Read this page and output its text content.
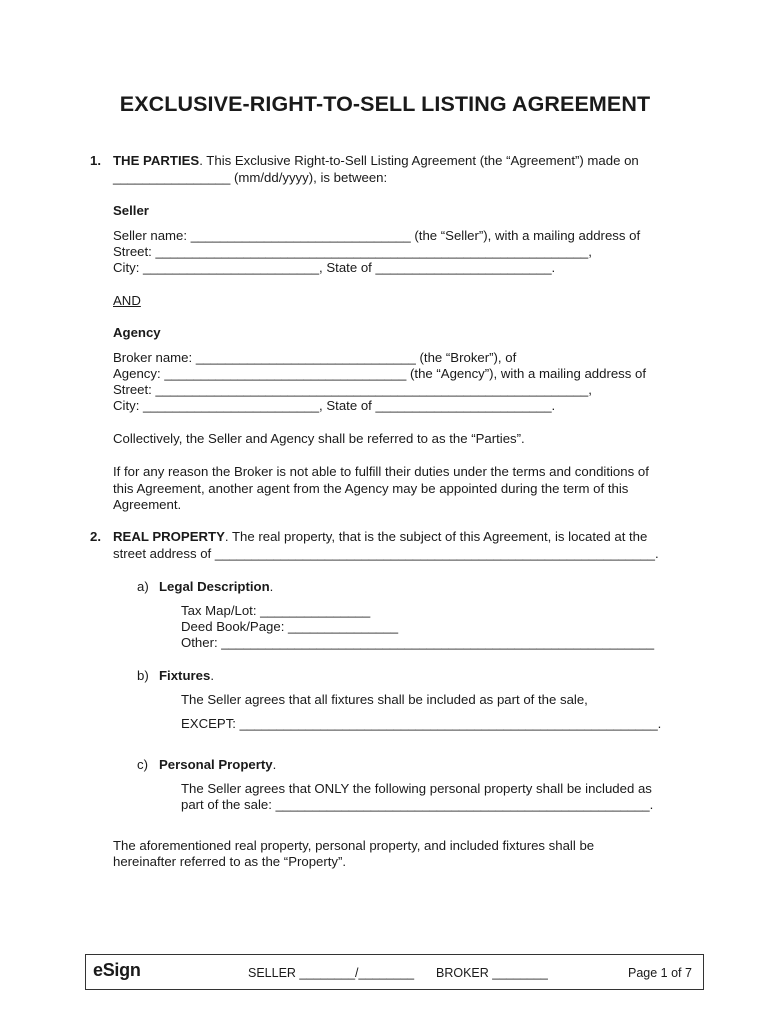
EXCLUSIVE-RIGHT-TO-SELL LISTING AGREEMENT
1. THE PARTIES. This Exclusive Right-to-Sell Listing Agreement (the “Agreement”) made on
________________ (mm/dd/yyyy), is between:
Seller
Seller name: ______________________________ (the “Seller”), with a mailing address of
Street: ___________________________________________________________,
City: ________________________, State of ________________________.
AND
Agency
Broker name: ______________________________ (the “Broker”), of
Agency: _________________________________ (the “Agency”), with a mailing address of
Street: ___________________________________________________________,
City: ________________________, State of ________________________.
Collectively, the Seller and Agency shall be referred to as the “Parties”.
If for any reason the Broker is not able to fulfill their duties under the terms and conditions of
this Agreement, another agent from the Agency may be appointed during the term of this
Agreement.
2. REAL PROPERTY. The real property, that is the subject of this Agreement, is located at the
street address of ____________________________________________________________.
a) Legal Description.
Tax Map/Lot: _______________
Deed Book/Page: _______________
Other: ___________________________________________________________
b) Fixtures.
The Seller agrees that all fixtures shall be included as part of the sale,
EXCEPT: _________________________________________________________.
c) Personal Property.
The Seller agrees that ONLY the following personal property shall be included as
part of the sale: ___________________________________________________.
The aforementioned real property, personal property, and included fixtures shall be
hereinafter referred to as the “Property”.
eSign	SELLER ________/________ BROKER ________	Page 1 of 7
